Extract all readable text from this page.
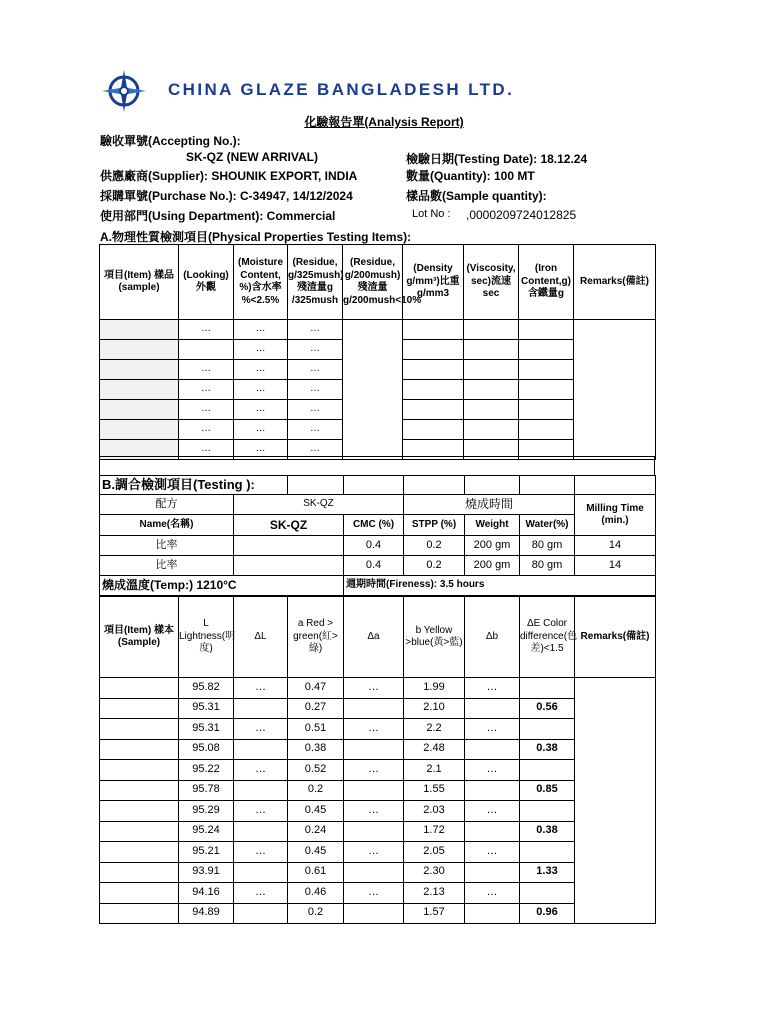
CHINA GLAZE BANGLADESH LTD.
化驗報告單(Analysis Report)
驗收單號(Accepting No.):
SK-QZ (NEW ARRIVAL)	檢驗日期(Testing Date): 18.12.24
供應廠商(Supplier): SHOUNIK EXPORT, INDIA	數量(Quantity): 100 MT
採購單號(Purchase No.): C-34947, 14/12/2024	樣品數(Sample quantity):
使用部門(Using Department): Commercial	Lot No : ,0000209724012825
A.物理性質檢測項目(Physical Properties Testing Items):
項目(Item) 樣品 (sample)	(Looking) 外觀	(Moisture Content, %)含水率 %<2.5%	(Residue, g/325mush)殘渣量g /325mush	(Residue, g/200mush)殘渣量g/200mush<10%	(Density g/mm³)比重g/mm3	(Viscosity, sec)流速sec	(Iron Content,g)含鐵量g	Remarks(備註)
	…	…	…					
		…	…					
	…	…	…					
	…	…	…					
	…	…	…					
	…	…	…					
	…	…	…					
B.調合檢測項目(Testing ):							
配方	SK-QZ			燒成時間			Milling Time (min.)
Name(名稱)	SK-QZ		CMC (%)	STPP (%)	Weight	Water(%)	
比率			0.4	0.2	200 gm	80 gm	14
比率			0.4	0.2	200 gm	80 gm	14
燒成溫度(Temp:) 1210°C			週期時間(Fireness): 3.5 hours				
項目(Item) 樣本(Sample)	L Lightness(明度)	ΔL	a Red > green(紅>綠)	Δa	b Yellow >blue(黃>藍)	Δb	ΔE Color difference(色差)<1.5	Remarks(備註)
	95.82	…	0.47	…	1.99	…		
	95.31		0.27		2.10		0.56	
	95.31	…	0.51	…	2.2	…		
	95.08		0.38		2.48		0.38	
	95.22	…	0.52	…	2.1	…		
	95.78		0.2		1.55		0.85	
	95.29	…	0.45	…	2.03	…		
	95.24		0.24		1.72		0.38	
	95.21	…	0.45	…	2.05	…		
	93.91		0.61		2.30		1.33	
	94.16	…	0.46	…	2.13	…		
	94.89		0.2		1.57		0.96	
